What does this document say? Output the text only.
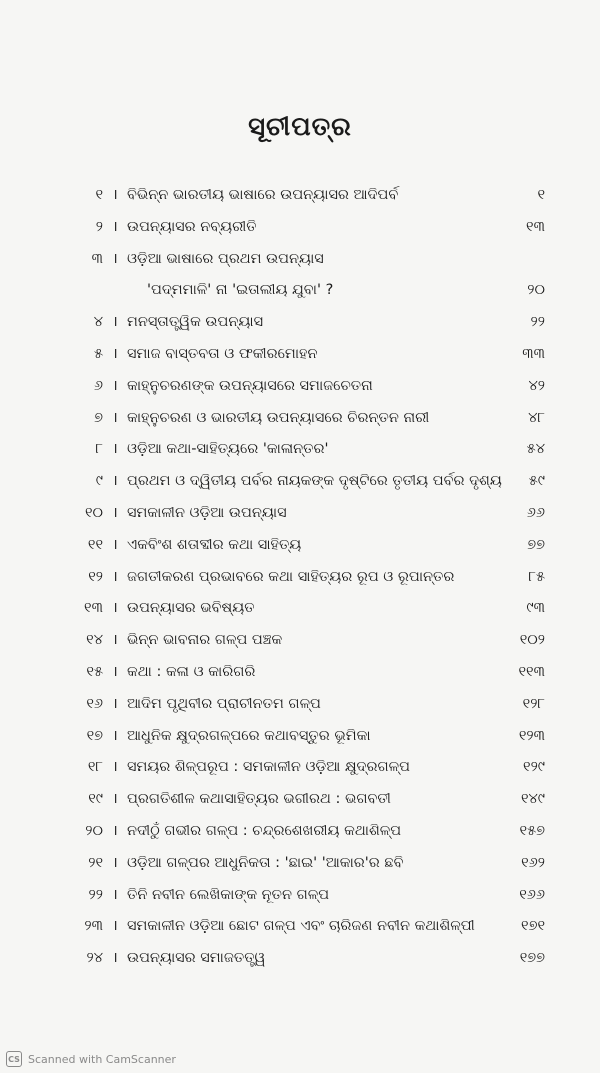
ସୂଚୀପତ୍ର
୧ । ବିଭିନ୍ନ ଭାରତୀୟ ଭାଷାରେ ଉପନ୍ୟାସର ଆଦିପର୍ବ	୧
୨ । ଉପନ୍ୟାସର ନବ୍ୟରୀତି	୧୩
୩ । ଓଡ଼ିଆ ଭାଷାରେ ପ୍ରଥମ ଉପନ୍ୟାସ
'ପଦ୍ମମାଳି' ନା 'ଇତାଲୀୟ ଯୁବା' ?	୨୦
୪ । ମନସ୍ତାତ୍ତ୍ୱିକ ଉପନ୍ୟାସ	୨୨
୫ । ସମାଜ ବାସ୍ତବତା ଓ ଫକୀରମୋହନ	୩୩
୬ । କାହ୍ନୁଚରଣଙ୍କ ଉପନ୍ୟାସରେ ସମାଜଚେତନା	୪୨
୭ । କାହ୍ନୁଚରଣ ଓ ଭାରତୀୟ ଉପନ୍ୟାସରେ ଚିରନ୍ତନ ନାରୀ	୪୮
୮ । ଓଡ଼ିଆ କଥା-ସାହିତ୍ୟରେ 'କାଳାନ୍ତର'	୫୪
୯ । ପ୍ରଥମ ଓ ଦ୍ୱିତୀୟ ପର୍ବର ନାୟକଙ୍କ ଦୃଷ୍ଟିରେ ତୃତୀୟ ପର୍ବର ଦୃଶ୍ୟ	୫୯
୧୦ । ସମକାଳୀନ ଓଡ଼ିଆ ଉପନ୍ୟାସ	୬୬
୧୧ । ଏକବିଂଶ ଶତାବ୍ଦୀର କଥା ସାହିତ୍ୟ	୭୭
୧୨ । ଜଗତୀକରଣ ପ୍ରଭାବରେ କଥା ସାହିତ୍ୟର ରୂପ ଓ ରୂପାନ୍ତର	୮୫
୧୩ । ଉପନ୍ୟାସର ଭବିଷ୍ୟତ	୯୩
୧୪ । ଭିନ୍ନ ଭାବନାର ଗଳ୍ପ ପଞ୍ଚକ	୧୦୨
୧୫ । କଥା : କଳା ଓ କାରିଗରି	୧୧୩
୧୬ । ଆଦିମ ପୃଥିବୀର ପ୍ରାଚୀନତମ ଗଳ୍ପ	୧୨୮
୧୭ । ଆଧୁନିକ କ୍ଷୁଦ୍ରଗଳ୍ପରେ କଥାବସ୍ତୁର ଭୂମିକା	୧୨୩
୧୮ । ସମୟର ଶିଳ୍ପରୂପ : ସମକାଳୀନ ଓଡ଼ିଆ କ୍ଷୁଦ୍ରଗଳ୍ପ	୧୨୯
୧୯ । ପ୍ରଗତିଶୀଳ କଥାସାହିତ୍ୟର ଭଗୀରଥ : ଭଗବତୀ	୧୪୯
୨୦ । ନଦୀଠୁଁ ଗଭୀର ଗଳ୍ପ : ଚନ୍ଦ୍ରଶେଖରୀୟ କଥାଶିଳ୍ପ	୧୫୭
୨୧ । ଓଡ଼ିଆ ଗଳ୍ପର ଆଧୁନିକତା : 'ଛାଇ' 'ଆକାର'ର ଛବି	୧୬୨
୨୨ । ତିନି ନବୀନ ଲେଖିକାଙ୍କ ନୂତନ ଗଳ୍ପ	୧୬୬
୨୩ । ସମକାଳୀନ ଓଡ଼ିଆ ଛୋଟ ଗଳ୍ପ ଏବଂ ଚାରିଜଣ ନବୀନ କଥାଶିଳ୍ପୀ	୧୭୧
୨୪ । ଉପନ୍ୟାସର ସମାଜତତ୍ତ୍ୱ	୧୭୭
CS Scanned with CamScanner
